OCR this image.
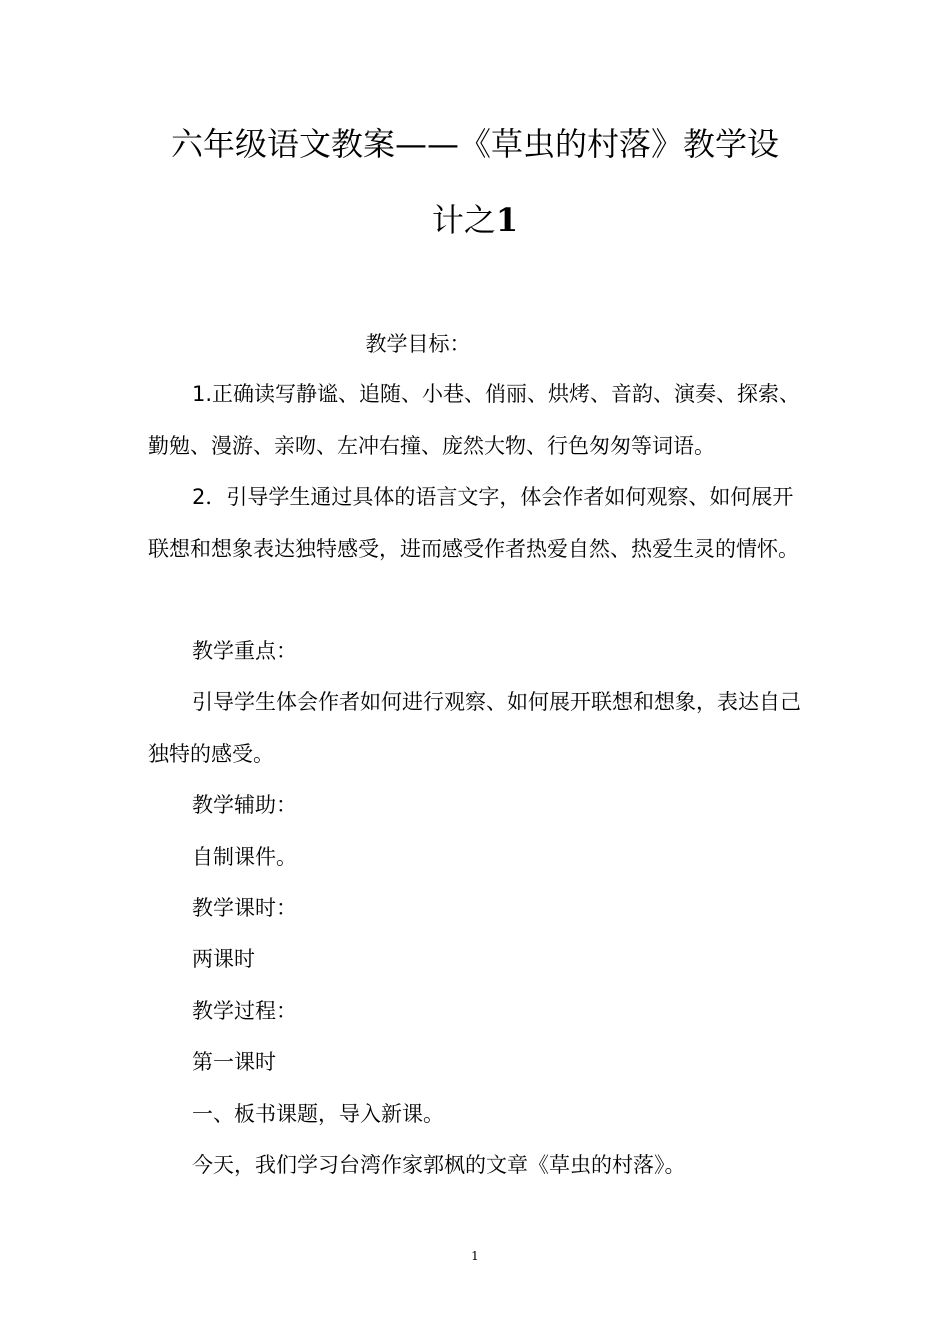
六年级语文教案——《草虫的村落》教学设
计之1

教学目标：

1.正确读写静谧、追随、小巷、俏丽、烘烤、音韵、演奏、探索、勤勉、漫游、亲吻、左冲右撞、庞然大物、行色匆匆等词语。

2．引导学生通过具体的语言文字，体会作者如何观察、如何展开联想和想象表达独特感受，进而感受作者热爱自然、热爱生灵的情怀。

教学重点：

引导学生体会作者如何进行观察、如何展开联想和想象，表达自己独特的感受。

教学辅助：

自制课件。

教学课时：

两课时

教学过程：

第一课时

一、板书课题，导入新课。

今天，我们学习台湾作家郭枫的文章《草虫的村落》。

1
